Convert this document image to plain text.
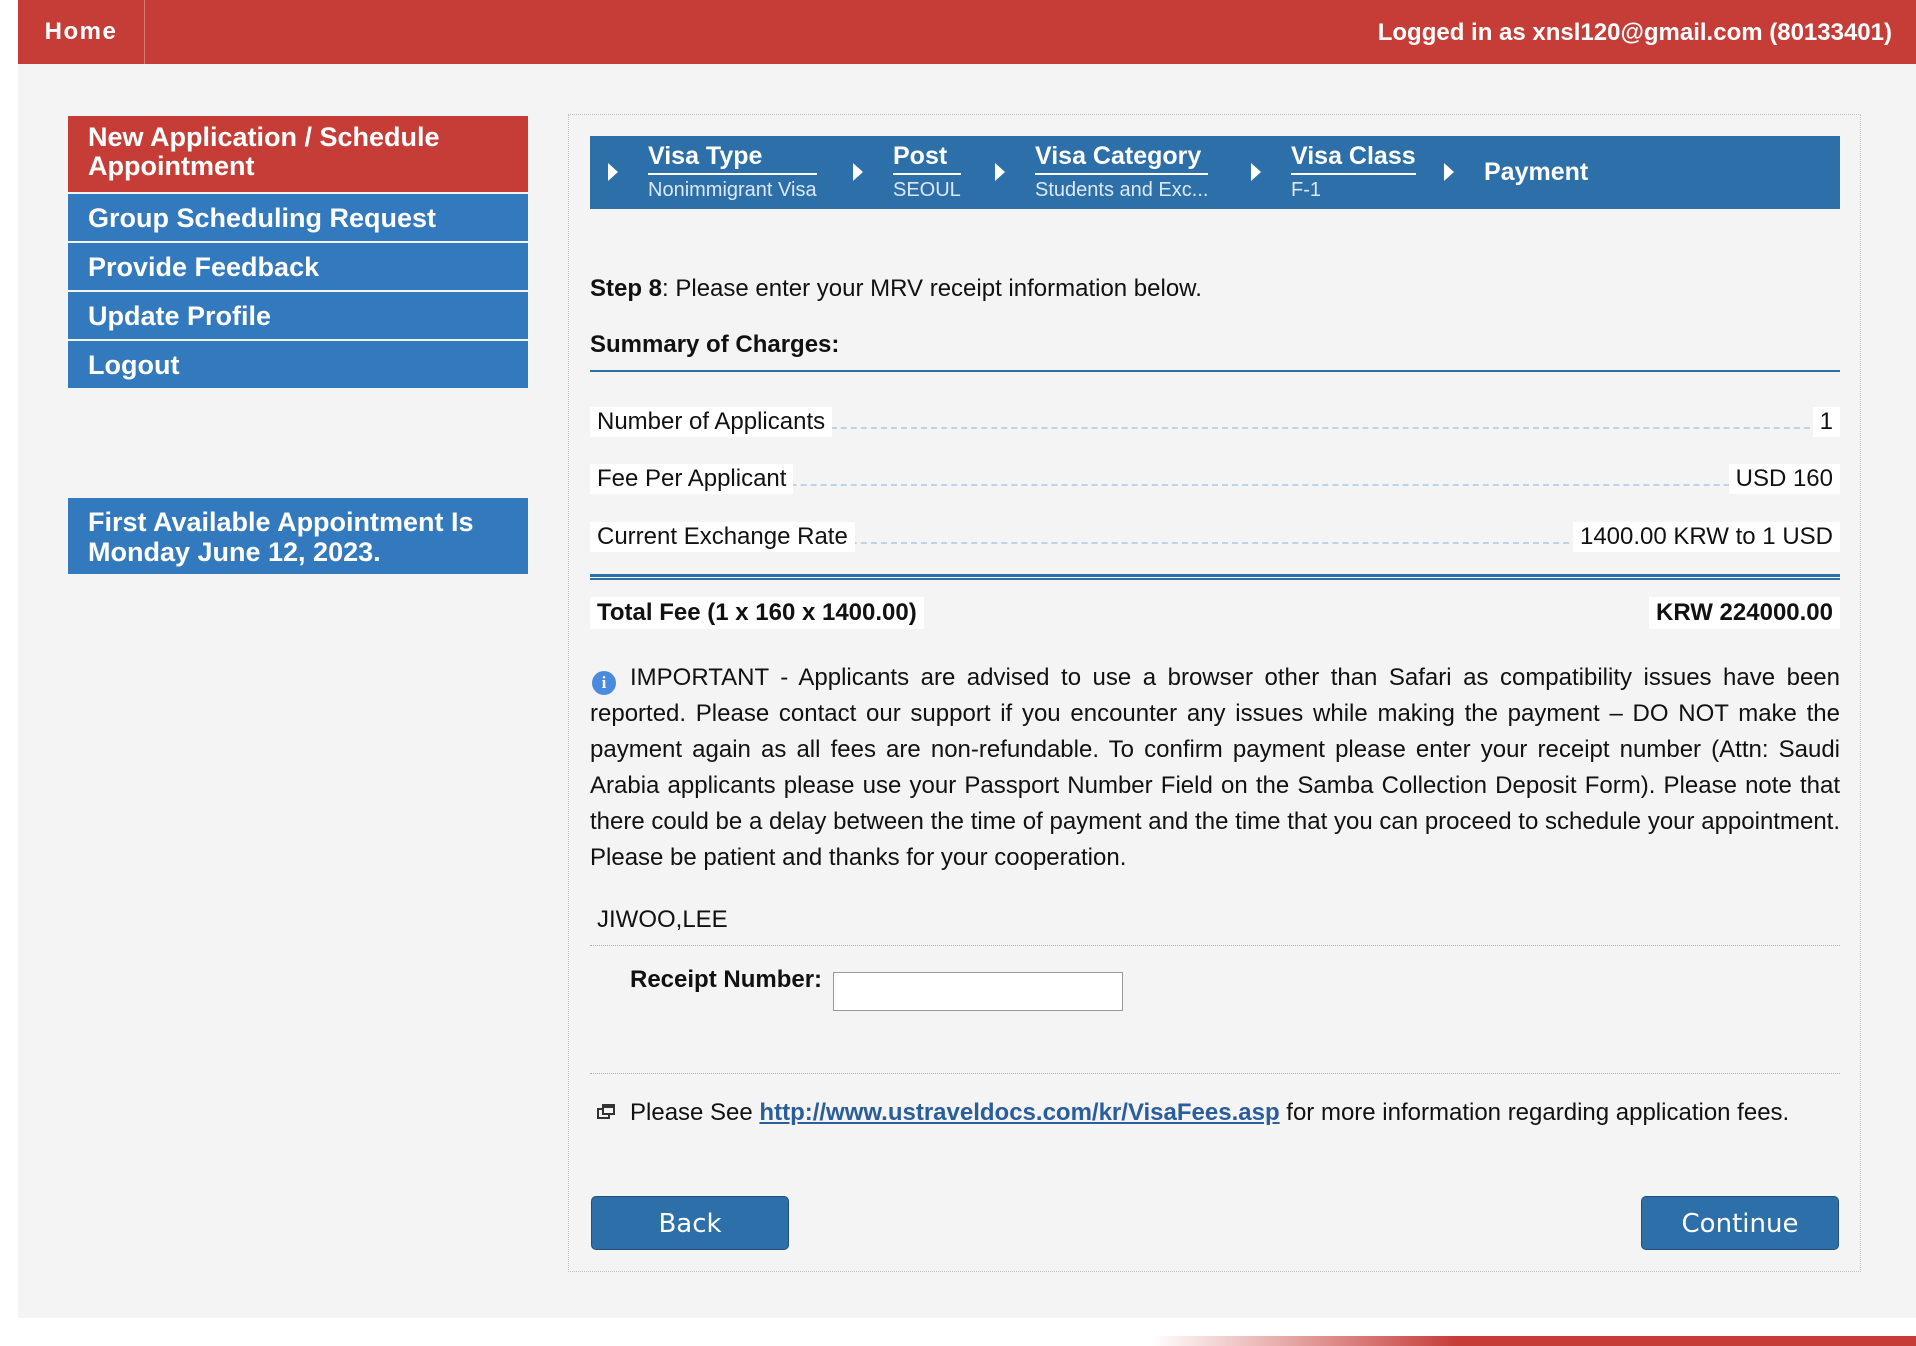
Home	Logged in as xnsl120@gmail.com (80133401)
New Application / Schedule Appointment
Group Scheduling Request
Provide Feedback
Update Profile
Logout
First Available Appointment Is Monday June 12, 2023.
Visa Type
Nonimmigrant Visa
Post
SEOUL
Visa Category
Students and Exc...
Visa Class
F-1
Payment
Step 8: Please enter your MRV receipt information below.
Summary of Charges:
Number of Applicants	1
Fee Per Applicant	USD 160
Current Exchange Rate	1400.00 KRW to 1 USD
Total Fee (1 x 160 x 1400.00)	KRW 224000.00
i IMPORTANT - Applicants are advised to use a browser other than Safari as compatibility issues have been reported. Please contact our support if you encounter any issues while making the payment – DO NOT make the payment again as all fees are non-refundable. To confirm payment please enter your receipt number (Attn: Saudi Arabia applicants please use your Passport Number Field on the Samba Collection Deposit Form). Please note that there could be a delay between the time of payment and the time that you can proceed to schedule your appointment. Please be patient and thanks for your cooperation.
JIWOO,LEE
Receipt Number:
Please See http://www.ustraveldocs.com/kr/VisaFees.asp for more information regarding application fees.
Back	Continue
